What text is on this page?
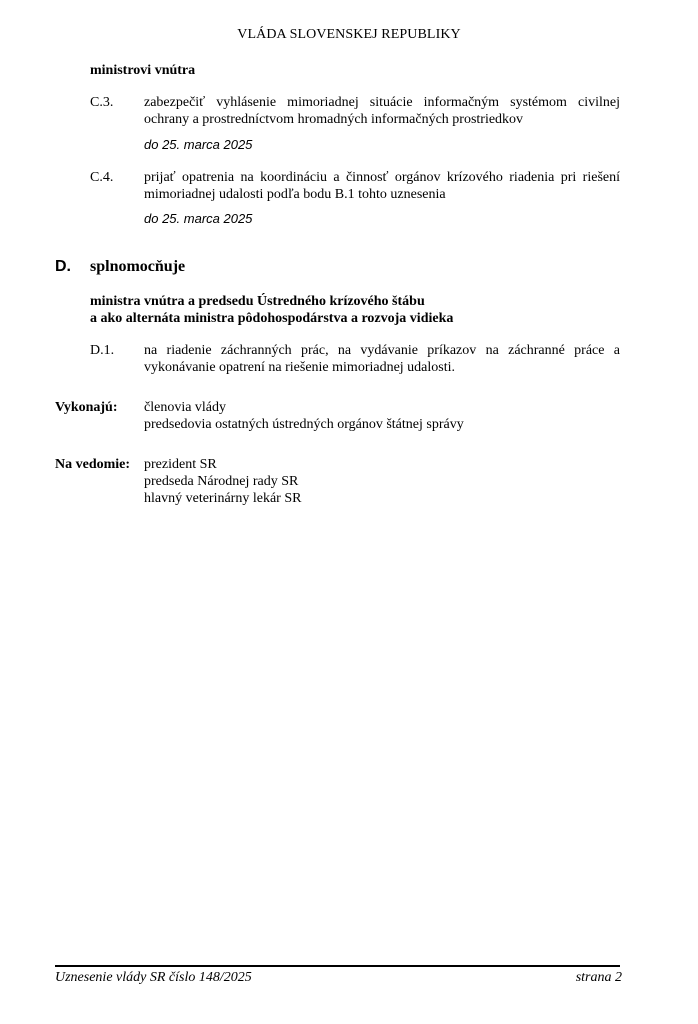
VLÁDA SLOVENSKEJ REPUBLIKY
ministrovi vnútra
C.3. zabezpečiť vyhlásenie mimoriadnej situácie informačným systémom civilnej ochrany a prostredníctvom hromadných informačných prostriedkov
do 25. marca 2025
C.4. prijať opatrenia na koordináciu a činnosť orgánov krízového riadenia pri riešení mimoriadnej udalosti podľa bodu B.1 tohto uznesenia
do 25. marca 2025
D. splnomocňuje
ministra vnútra a predsedu Ústredného krízového štábu
a ako alternáta ministra pôdohospodárstva a rozvoja vidieka
D.1. na riadenie záchranných prác, na vydávanie príkazov na záchranné práce a vykonávanie opatrení na riešenie mimoriadnej udalosti.
Vykonajú: členovia vlády
predsedovia ostatných ústredných orgánov štátnej správy
Na vedomie: prezident SR
predseda Národnej rady SR
hlavný veterinárny lekár SR
Uznesenie vlády SR číslo 148/2025	strana 2
